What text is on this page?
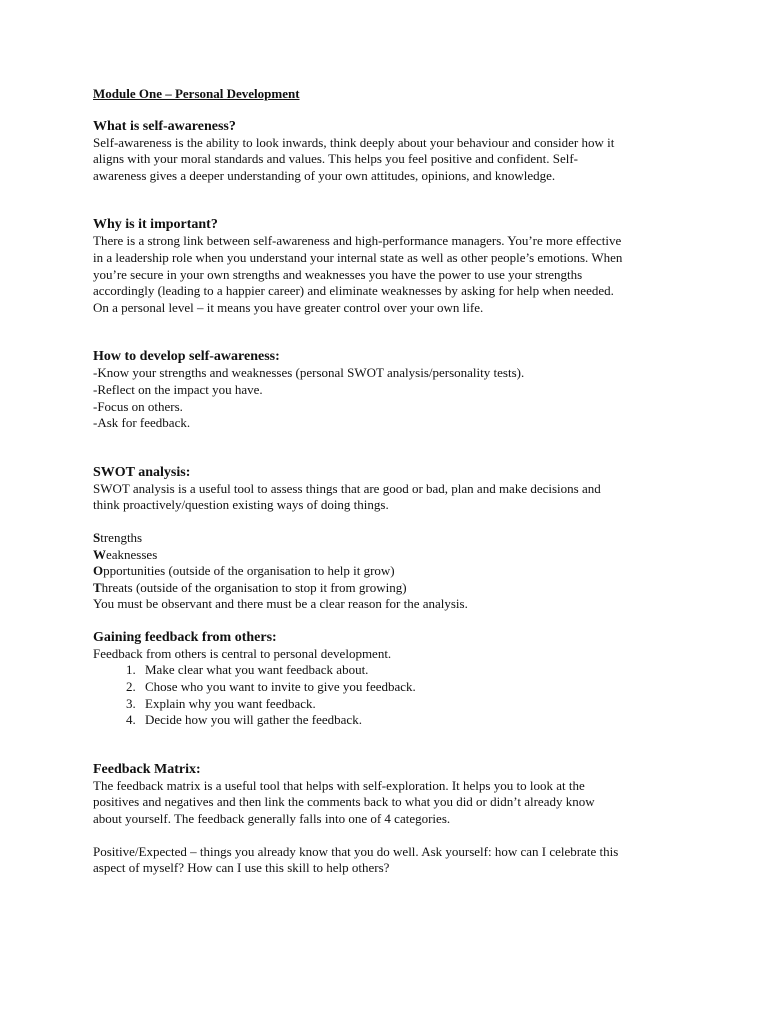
Module One – Personal Development

What is self-awareness?

Self-awareness is the ability to look inwards, think deeply about your behaviour and consider how it
aligns with your moral standards and values. This helps you feel positive and confident. Self-
awareness gives a deeper understanding of your own attitudes, opinions, and knowledge.

Why is it important?

There is a strong link between self-awareness and high-performance managers. You’re more effective
in a leadership role when you understand your internal state as well as other people’s emotions. When
you’re secure in your own strengths and weaknesses you have the power to use your strengths
accordingly (leading to a happier career) and eliminate weaknesses by asking for help when needed.
On a personal level – it means you have greater control over your own life.

How to develop self-awareness:

-Know your strengths and weaknesses (personal SWOT analysis/personality tests).
-Reflect on the impact you have.
-Focus on others.
-Ask for feedback.

SWOT analysis:

SWOT analysis is a useful tool to assess things that are good or bad, plan and make decisions and
think proactively/question existing ways of doing things.
Strengths
Weaknesses
Opportunities (outside of the organisation to help it grow)
Threats (outside of the organisation to stop it from growing)
You must be observant and there must be a clear reason for the analysis.

Gaining feedback from others:

Feedback from others is central to personal development.
1. Make clear what you want feedback about.
2. Chose who you want to invite to give you feedback.
3. Explain why you want feedback.
4. Decide how you will gather the feedback.

Feedback Matrix:

The feedback matrix is a useful tool that helps with self-exploration. It helps you to look at the
positives and negatives and then link the comments back to what you did or didn’t already know
about yourself. The feedback generally falls into one of 4 categories.
Positive/Expected – things you already know that you do well. Ask yourself: how can I celebrate this
aspect of myself? How can I use this skill to help others?
